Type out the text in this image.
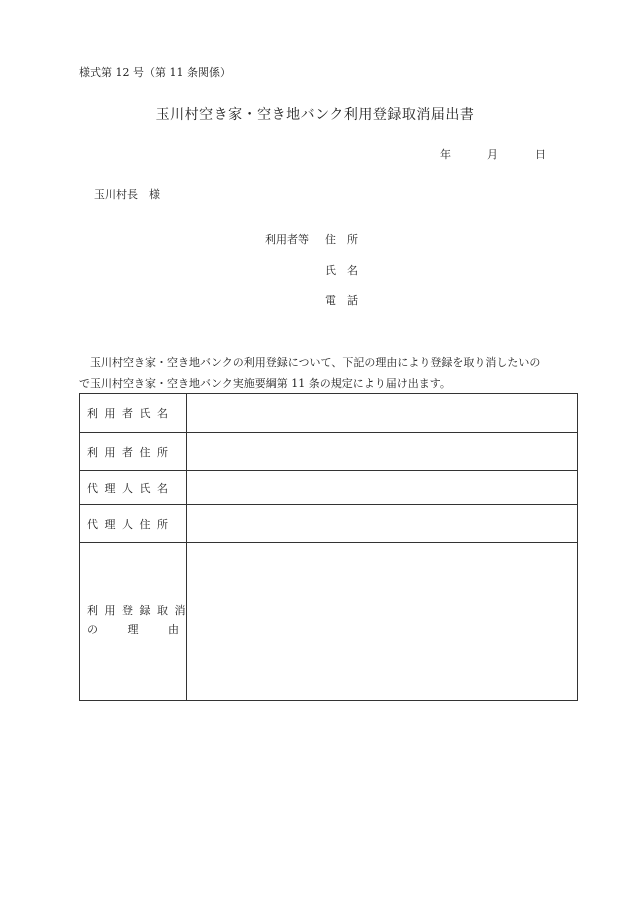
様式第 12 号（第 11 条関係）
玉川村空き家・空き地バンク利用登録取消届出書
年	月	日
玉川村長　様
利用者等 住　所
氏　名
電　話
玉川村空き家・空き地バンクの利用登録について、下記の理由により登録を取り消したいの
で玉川村空き家・空き地バンク実施要綱第 11 条の規定により届け出ます。
利用者氏名
利用者住所
代理人氏名
代理人住所
利用登録取消
の	理	由
